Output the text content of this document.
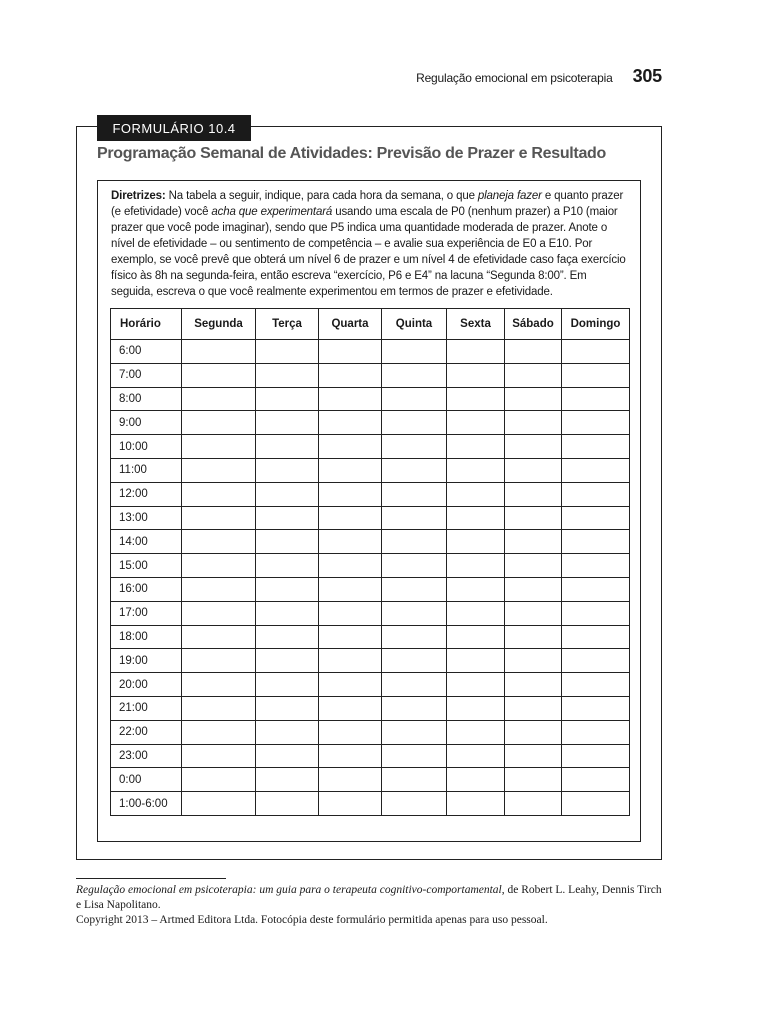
Regulação emocional em psicoterapia 305
FORMULÁRIO 10.4
Programação Semanal de Atividades: Previsão de Prazer e Resultado
Diretrizes: Na tabela a seguir, indique, para cada hora da semana, o que planeja fazer e quanto prazer (e efetividade) você acha que experimentará usando uma escala de P0 (nenhum prazer) a P10 (maior prazer que você pode imaginar), sendo que P5 indica uma quantidade moderada de prazer. Anote o nível de efetividade – ou sentimento de competência – e avalie sua experiência de E0 a E10. Por exemplo, se você prevê que obterá um nível 6 de prazer e um nível 4 de efetividade caso faça exercício físico às 8h na segunda-feira, então escreva “exercício, P6 e E4” na lacuna “Segunda 8:00”. Em seguida, escreva o que você realmente experimentou em termos de prazer e efetividade.
Horário	Segunda	Terça	Quarta	Quinta	Sexta	Sábado	Domingo
6:00							
7:00							
8:00							
9:00							
10:00							
11:00							
12:00							
13:00							
14:00							
15:00							
16:00							
17:00							
18:00							
19:00							
20:00							
21:00							
22:00							
23:00							
0:00							
1:00-6:00							
Regulação emocional em psicoterapia: um guia para o terapeuta cognitivo-comportamental, de Robert L. Leahy, Dennis Tirch e Lisa Napolitano.
Copyright 2013 – Artmed Editora Ltda. Fotocópia deste formulário permitida apenas para uso pessoal.
